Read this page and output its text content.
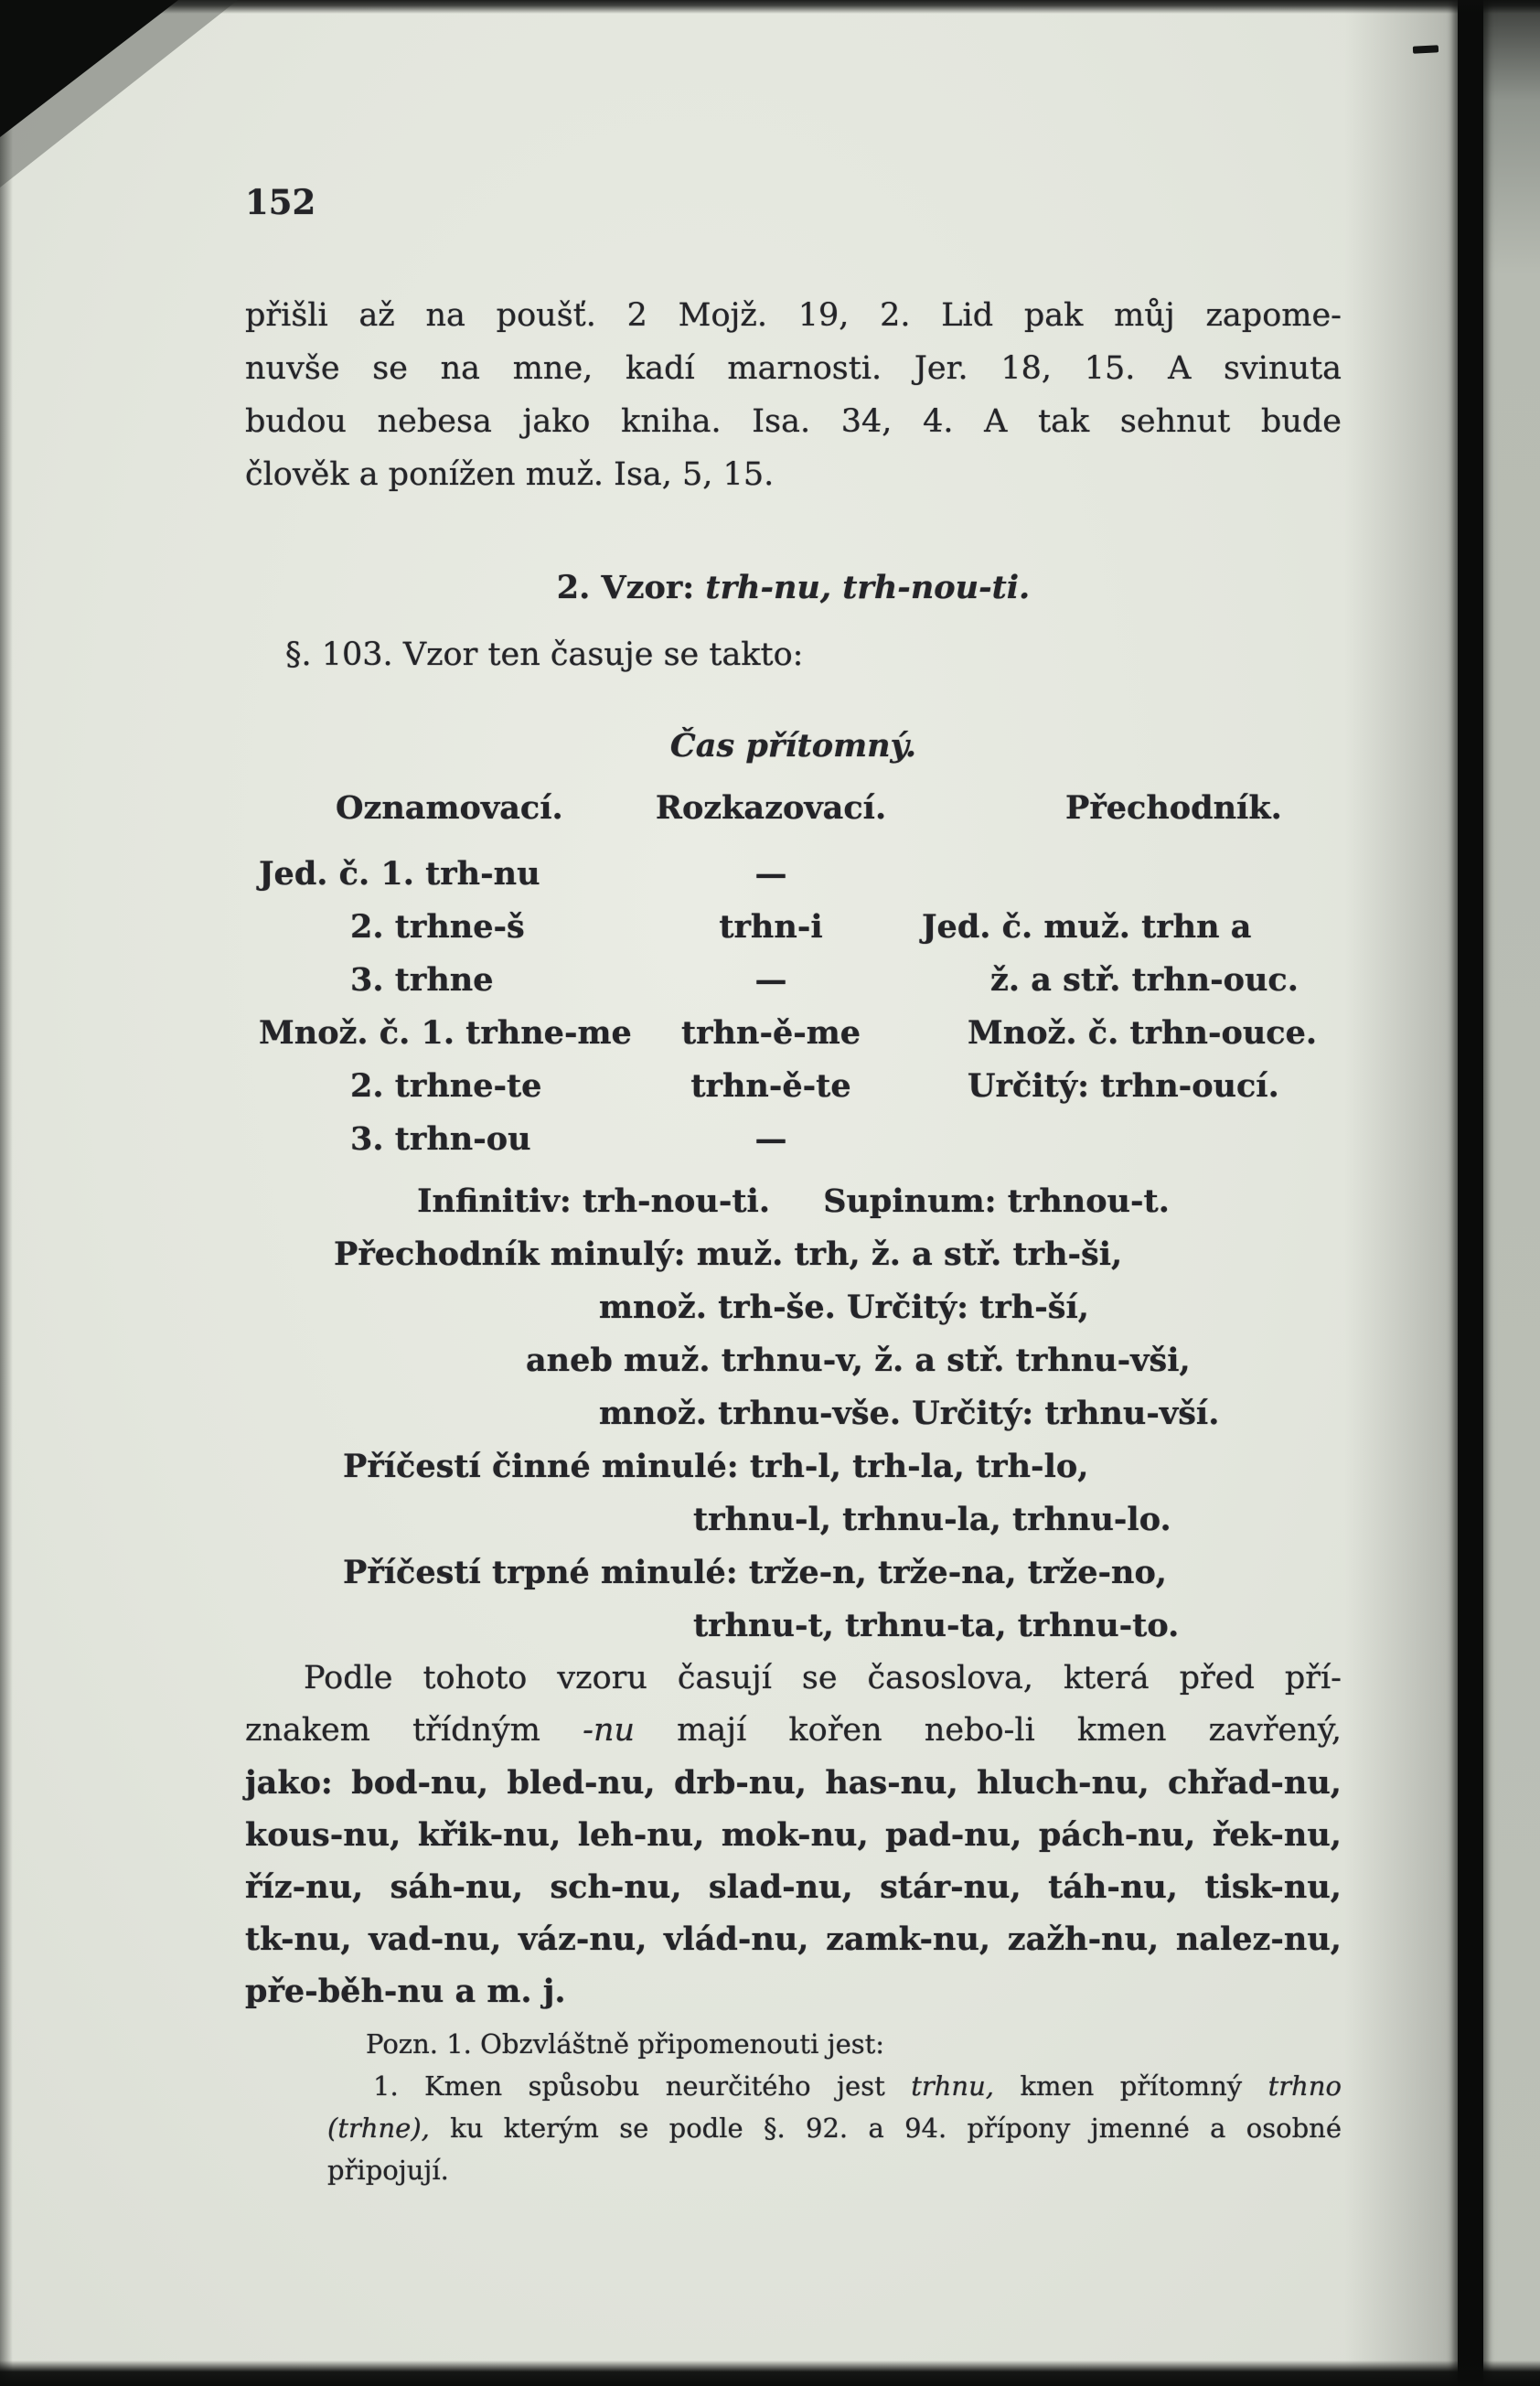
152
přišli až na poušť. 2 Mojž. 19, 2. Lid pak můj zapome-
nuvše se na mne, kadí marnosti. Jer. 18, 15. A svinuta
budou nebesa jako kniha. Isa. 34, 4. A tak sehnut bude
člověk a ponížen muž. Isa, 5, 15.
2. Vzor: trh-nu, trh-nou-ti.
§. 103. Vzor ten časuje se takto:
Čas přítomný.
Oznamovací.	Rozkazovací.	Přechodník.
Jed. č. 1. trh-nu	—
2. trhne-š	trhn-i	Jed. č. muž. trhn a
3. trhne	—	ž. a stř. trhn-ouc.
Množ. č. 1. trhne-me	trhn-ě-me	Množ. č. trhn-ouce.
2. trhne-te	trhn-ě-te	Určitý: trhn-oucí.
3. trhn-ou	—
Infinitiv: trh-nou-ti. Supinum: trhnou-t.
Přechodník minulý: muž. trh, ž. a stř. trh-ši,
množ. trh-še. Určitý: trh-ší,
aneb muž. trhnu-v, ž. a stř. trhnu-vši,
množ. trhnu-vše. Určitý: trhnu-vší.
Příčestí činné minulé: trh-l, trh-la, trh-lo,
trhnu-l, trhnu-la, trhnu-lo.
Příčestí trpné minulé: trže-n, trže-na, trže-no,
trhnu-t, trhnu-ta, trhnu-to.
Podle tohoto vzoru časují se časoslova, která před pří-
znakem třídným -nu mají kořen nebo-li kmen zavřený,
jako: bod-nu, bled-nu, drb-nu, has-nu, hluch-nu, chřad-nu,
kous-nu, křik-nu, leh-nu, mok-nu, pad-nu, pách-nu, řek-nu,
říz-nu, sáh-nu, sch-nu, slad-nu, stár-nu, táh-nu, tisk-nu,
tk-nu, vad-nu, váz-nu, vlád-nu, zamk-nu, zažh-nu, nalez-nu,
pře-běh-nu a m. j.
Pozn. 1. Obzvláštně připomenouti jest:
1. Kmen spůsobu neurčitého jest trhnu, kmen přítomný trhno
(trhne), ku kterým se podle §. 92. a 94. přípony jmenné a osobné
připojují.
